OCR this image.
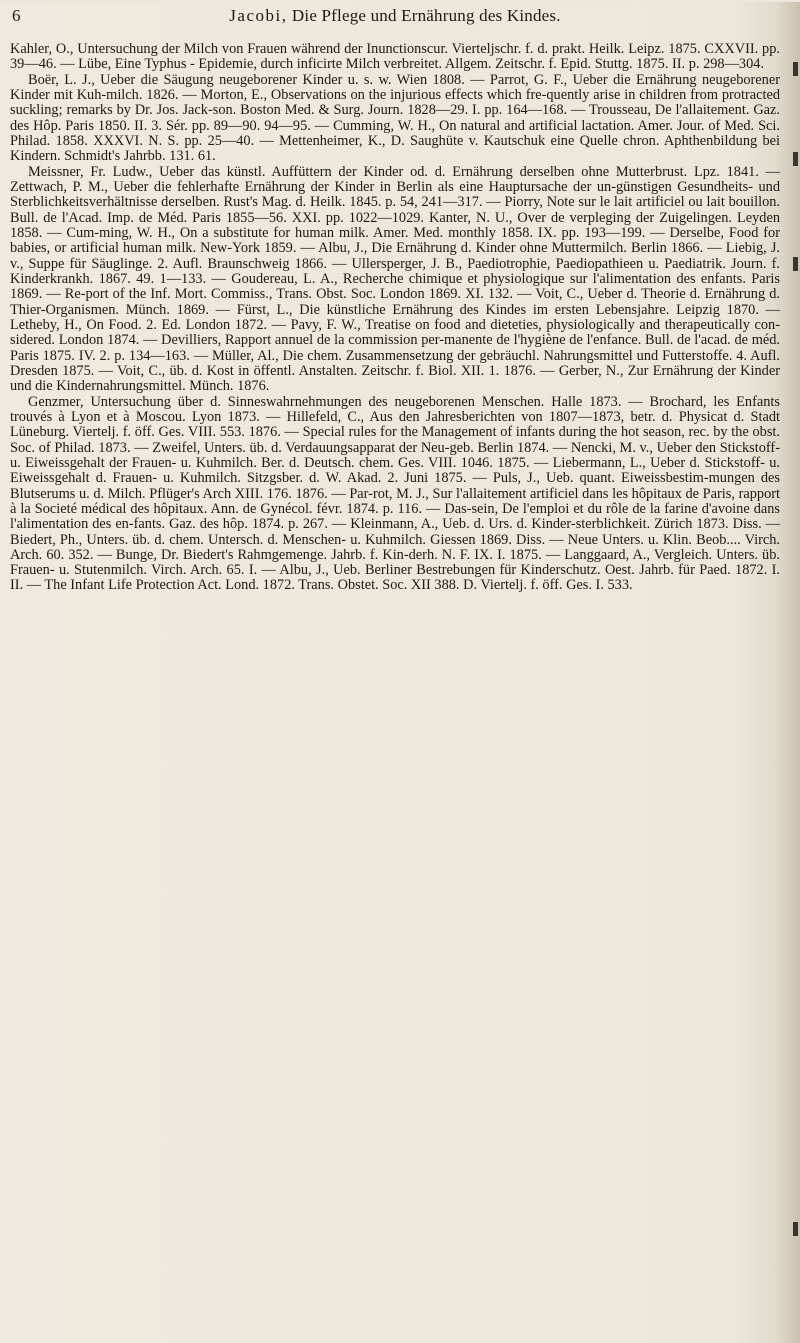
6	Jacobi, Die Pflege und Ernährung des Kindes.

Kahler, O., Untersuchung der Milch von Frauen während der Inunctionscur. Vierteljschr. f. d. prakt. Heilk. Leipz. 1875. CXXVII. pp. 39—46. — Lübe, Eine Typhus - Epidemie, durch inficirte Milch verbreitet. Allgem. Zeitschr. f. Epid. Stuttg. 1875. II. p. 298—304.

Boër, L. J., Ueber die Säugung neugeborener Kinder u. s. w. Wien 1808. — Parrot, G. F., Ueber die Ernährung neugeborener Kinder mit Kuh-milch. 1826. — Morton, E., Observations on the injurious effects which fre-quently arise in children from protracted suckling; remarks by Dr. Jos. Jack-son. Boston Med. & Surg. Journ. 1828—29. I. pp. 164—168. — Trousseau, De l'allaitement. Gaz. des Hôp. Paris 1850. II. 3. Sér. pp. 89—90. 94—95. — Cumming, W. H., On natural and artificial lactation. Amer. Jour. of Med. Sci. Philad. 1858. XXXVI. N. S. pp. 25—40. — Mettenheimer, K., D. Saughüte v. Kautschuk eine Quelle chron. Aphthenbildung bei Kindern. Schmidt's Jahrbb. 131. 61.

Meissner, Fr. Ludw., Ueber das künstl. Auffüttern der Kinder od. d. Ernährung derselben ohne Mutterbrust. Lpz. 1841. — Zettwach, P. M., Ueber die fehlerhafte Ernährung der Kinder in Berlin als eine Hauptursache der un-günstigen Gesundheits- und Sterblichkeitsverhältnisse derselben. Rust's Mag. d. Heilk. 1845. p. 54, 241—317. — Piorry, Note sur le lait artificiel ou lait bouillon. Bull. de l'Acad. Imp. de Méd. Paris 1855—56. XXI. pp. 1022—1029. Kanter, N. U., Over de verpleging der Zuigelingen. Leyden 1858. — Cum-ming, W. H., On a substitute for human milk. Amer. Med. monthly 1858. IX. pp. 193—199. — Derselbe, Food for babies, or artificial human milk. New-York 1859. — Albu, J., Die Ernährung d. Kinder ohne Muttermilch. Berlin 1866. — Liebig, J. v., Suppe für Säuglinge. 2. Aufl. Braunschweig 1866. — Ullersperger, J. B., Paediotrophie, Paediopathieen u. Paediatrik. Journ. f. Kinderkrankh. 1867. 49. 1—133. — Goudereau, L. A., Recherche chimique et physiologique sur l'alimentation des enfants. Paris 1869. — Re-port of the Inf. Mort. Commiss., Trans. Obst. Soc. London 1869. XI. 132. — Voit, C., Ueber d. Theorie d. Ernährung d. Thier-Organismen. Münch. 1869. — Fürst, L., Die künstliche Ernährung des Kindes im ersten Lebensjahre. Leipzig 1870. — Letheby, H., On Food. 2. Ed. London 1872. — Pavy, F. W., Treatise on food and dieteties, physiologically and therapeutically con-sidered. London 1874. — Devilliers, Rapport annuel de la commission per-manente de l'hygiène de l'enfance. Bull. de l'acad. de méd. Paris 1875. IV. 2. p. 134—163. — Müller, Al., Die chem. Zusammensetzung der gebräuchl. Nahrungsmittel und Futterstoffe. 4. Aufl. Dresden 1875. — Voit, C., üb. d. Kost in öffentl. Anstalten. Zeitschr. f. Biol. XII. 1. 1876. — Gerber, N., Zur Ernährung der Kinder und die Kindernahrungsmittel. Münch. 1876.

Genzmer, Untersuchung über d. Sinneswahrnehmungen des neugeborenen Menschen. Halle 1873. — Brochard, les Enfants trouvés à Lyon et à Moscou. Lyon 1873. — Hillefeld, C., Aus den Jahresberichten von 1807—1873, betr. d. Physicat d. Stadt Lüneburg. Viertelj. f. öff. Ges. VIII. 553. 1876. — Special rules for the Management of infants during the hot season, rec. by the obst. Soc. of Philad. 1873. — Zweifel, Unters. üb. d. Verdauungsapparat der Neu-geb. Berlin 1874. — Nencki, M. v., Ueber den Stickstoff- u. Eiweissgehalt der Frauen- u. Kuhmilch. Ber. d. Deutsch. chem. Ges. VIII. 1046. 1875. — Liebermann, L., Ueber d. Stickstoff- u. Eiweissgehalt d. Frauen- u. Kuhmilch. Sitzgsber. d. W. Akad. 2. Juni 1875. — Puls, J., Ueb. quant. Eiweissbestim-mungen des Blutserums u. d. Milch. Pflüger's Arch XIII. 176. 1876. — Par-rot, M. J., Sur l'allaitement artificiel dans les hôpitaux de Paris, rapport à la Societé médical des hôpitaux. Ann. de Gynécol. févr. 1874. p. 116. — Das-sein, De l'emploi et du rôle de la farine d'avoine dans l'alimentation des en-fants. Gaz. des hôp. 1874. p. 267. — Kleinmann, A., Ueb. d. Urs. d. Kinder-sterblichkeit. Zürich 1873. Diss. — Biedert, Ph., Unters. üb. d. chem. Untersch. d. Menschen- u. Kuhmilch. Giessen 1869. Diss. — Neue Unters. u. Klin. Beob.... Virch. Arch. 60. 352. — Bunge, Dr. Biedert's Rahmgemenge. Jahrb. f. Kin-derh. N. F. IX. I. 1875. — Langgaard, A., Vergleich. Unters. üb. Frauen- u. Stutenmilch. Virch. Arch. 65. I. — Albu, J., Ueb. Berliner Bestrebungen für Kinderschutz. Oest. Jahrb. für Paed. 1872. I. II. — The Infant Life Protection Act. Lond. 1872. Trans. Obstet. Soc. XII 388. D. Viertelj. f. öff. Ges. I. 533.
